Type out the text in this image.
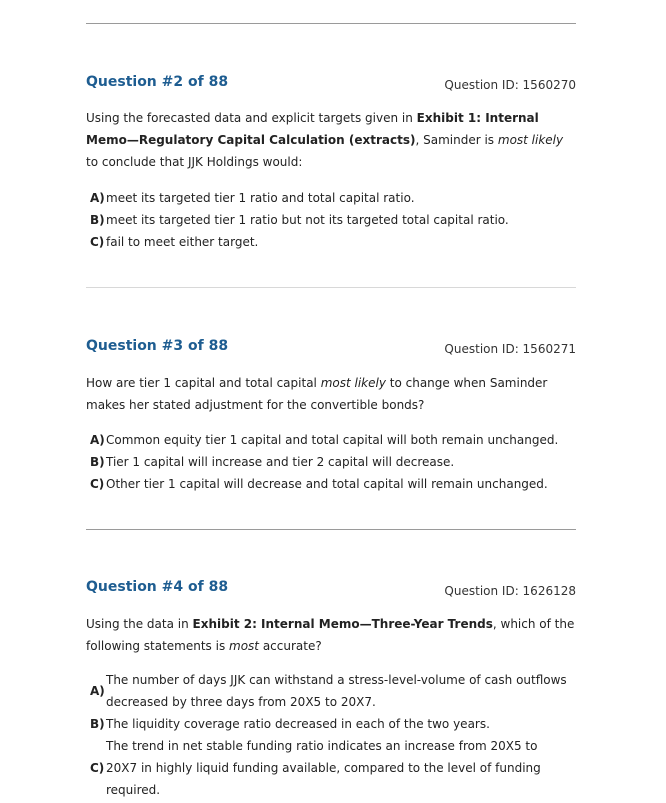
Question #2 of 88	Question ID: 1560270

Using the forecasted data and explicit targets given in Exhibit 1: Internal Memo—Regulatory Capital Calculation (extracts), Saminder is most likely to conclude that JJK Holdings would:

A) meet its targeted tier 1 ratio and total capital ratio.
B) meet its targeted tier 1 ratio but not its targeted total capital ratio.
C) fail to meet either target.
Question #3 of 88	Question ID: 1560271

How are tier 1 capital and total capital most likely to change when Saminder makes her stated adjustment for the convertible bonds?

A) Common equity tier 1 capital and total capital will both remain unchanged.
B) Tier 1 capital will increase and tier 2 capital will decrease.
C) Other tier 1 capital will decrease and total capital will remain unchanged.
Question #4 of 88	Question ID: 1626128

Using the data in Exhibit 2: Internal Memo—Three-Year Trends, which of the following statements is most accurate?

A)
The number of days JJK can withstand a stress-level-volume of cash outflows decreased by three days from 20X5 to 20X7.
B) The liquidity coverage ratio decreased in each of the two years.
C)
The trend in net stable funding ratio indicates an increase from 20X5 to 20X7 in highly liquid funding available, compared to the level of funding required.
